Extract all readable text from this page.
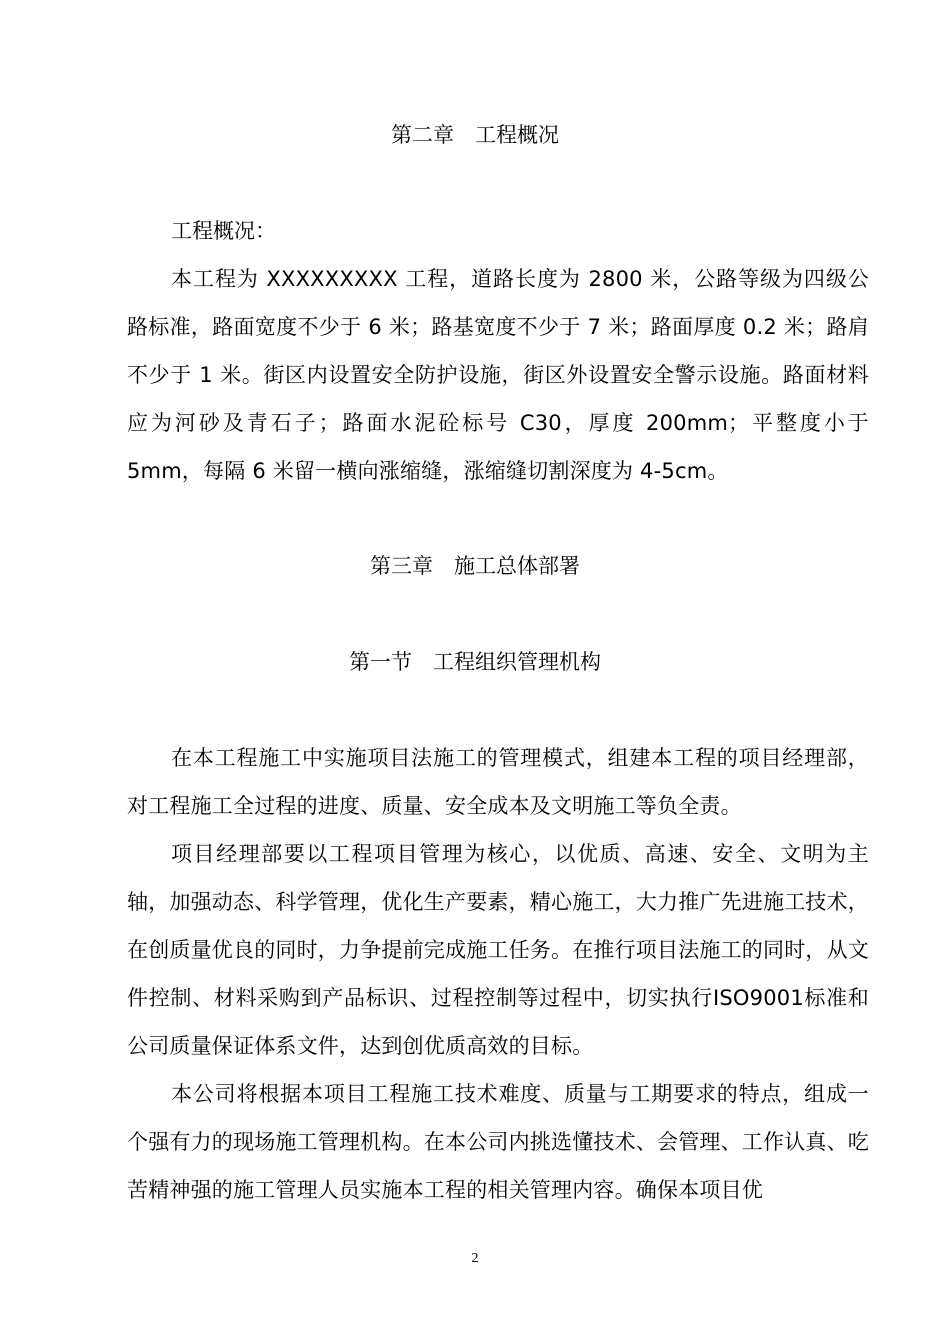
第二章　工程概况
工程概况：

本工程为 XXXXXXXXX 工程，道路长度为 2800 米，公路等级为四级公路标准，路面宽度不少于 6 米；路基宽度不少于 7 米；路面厚度 0.2 米；路肩不少于 1 米。街区内设置安全防护设施，街区外设置安全警示设施。路面材料应为河砂及青石子；路面水泥砼标号 C30，厚度 200mm；平整度小于 5mm，每隔 6 米留一横向涨缩缝，涨缩缝切割深度为 4-5cm。

第三章　施工总体部署
第一节　工程组织管理机构

在本工程施工中实施项目法施工的管理模式，组建本工程的项目经理部，对工程施工全过程的进度、质量、安全成本及文明施工等负全责。

项目经理部要以工程项目管理为核心，以优质、高速、安全、文明为主轴，加强动态、科学管理，优化生产要素，精心施工，大力推广先进施工技术，在创质量优良的同时，力争提前完成施工任务。在推行项目法施工的同时，从文件控制、材料采购到产品标识、过程控制等过程中，切实执行ISO9001标准和公司质量保证体系文件，达到创优质高效的目标。

本公司将根据本项目工程施工技术难度、质量与工期要求的特点，组成一个强有力的现场施工管理机构。在本公司内挑选懂技术、会管理、工作认真、吃苦精神强的施工管理人员实施本工程的相关管理内容。确保本项目优

2
